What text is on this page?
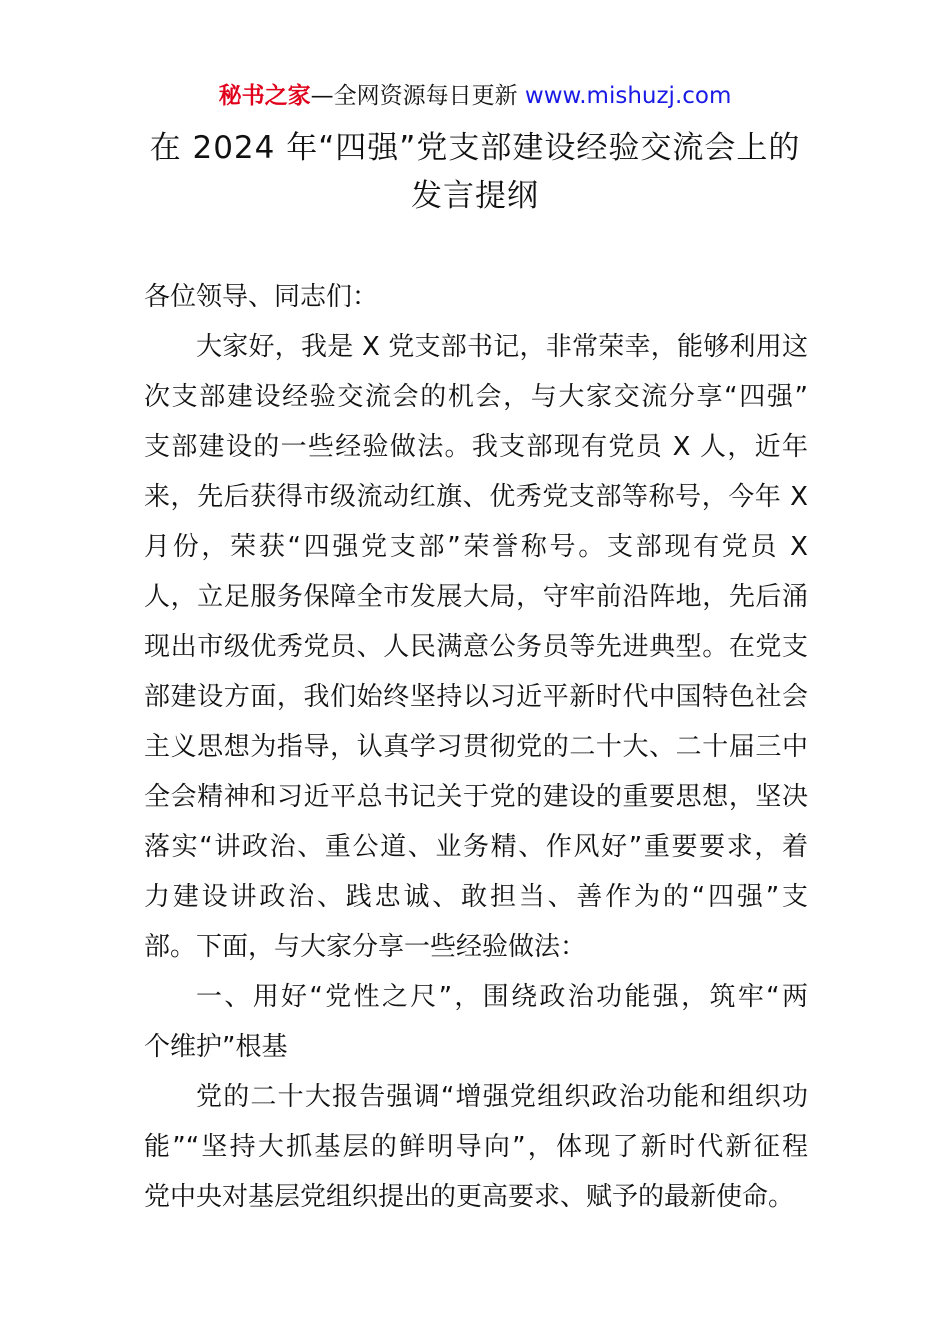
秘书之家—全网资源每日更新 www.mishuzj.com
在 2024 年“四强”党支部建设经验交流会上的
发言提纲
各位领导、同志们：
大家好，我是 X 党支部书记，非常荣幸，能够利用这
次支部建设经验交流会的机会，与大家交流分享“四强”
支部建设的一些经验做法。我支部现有党员 X 人，近年
来，先后获得市级流动红旗、优秀党支部等称号，今年 X
月份，荣获“四强党支部”荣誉称号。支部现有党员 X
人，立足服务保障全市发展大局，守牢前沿阵地，先后涌
现出市级优秀党员、人民满意公务员等先进典型。在党支
部建设方面，我们始终坚持以习近平新时代中国特色社会
主义思想为指导，认真学习贯彻党的二十大、二十届三中
全会精神和习近平总书记关于党的建设的重要思想，坚决
落实“讲政治、重公道、业务精、作风好”重要要求，着
力建设讲政治、践忠诚、敢担当、善作为的“四强”支
部。下面，与大家分享一些经验做法：
一、用好“党性之尺”，围绕政治功能强，筑牢“两
个维护”根基
党的二十大报告强调“增强党组织政治功能和组织功
能”“坚持大抓基层的鲜明导向”，体现了新时代新征程
党中央对基层党组织提出的更高要求、赋予的最新使命。
